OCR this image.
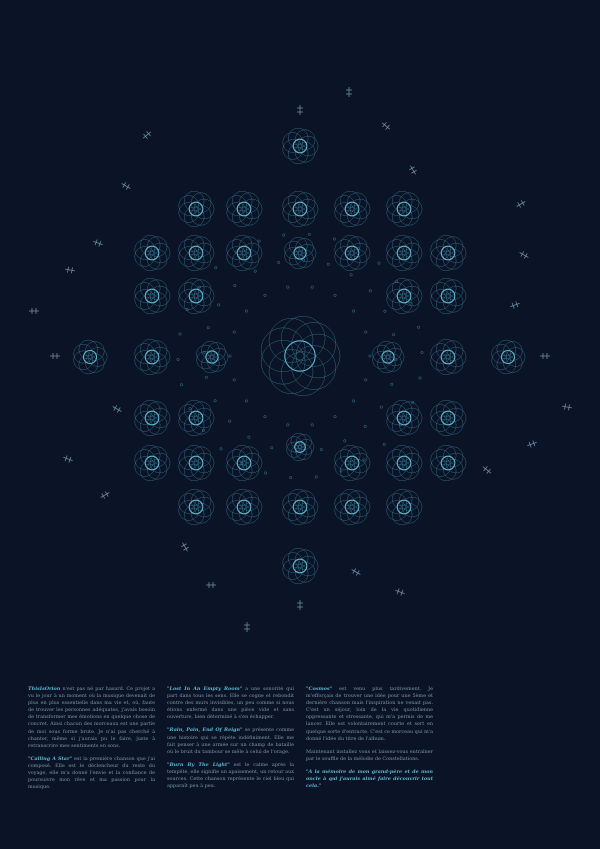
ThisIsOrion n'est pas né par hasard. Ce projet a vu le jour à un moment où la musique devenait de plus en plus essentielle dans ma vie et, où, faute de trouver les personnes adéquates, j'avais besoin de transformer mes émotions en quelque chose de concret. Ainsi chacun des morceaux est une partie de moi sous forme brute. Je n'ai pas cherché à chanter, même si j'aurais pu le faire, juste à retranscrire mes sentiments en sons.

"Calling A Star" est la première chanson que j'ai composé. Elle est le déclencheur du reste du voyage, elle m'a donné l'envie et la confiance de poursuivre mon rêve et ma passion pour la musique.

"Lost In An Empty Room" a une sonorité qui part dans tous les sens. Elle se cogne et rebondit contre des murs invisibles, un peu comme si nous étions enfermé dans une pièce vide et sans ouverture, bien déterminé à s'en échapper.

"Rain, Pain, End Of Reign" se présente comme une histoire qui se répète indéfiniment. Elle me fait penser à une armée sur un champ de bataille où le bruit du tambour se mêle à celui de l'orage.

"Burn By The Light" est le calme après la tempête, elle signifie un apaisement, un retour aux sources. Cette chanson représente le ciel bleu qui apparaît peu à peu.

"Cosmos" est venu plus tardivement. Je m'efforçais de trouver une idée pour une 5ème et dernière chanson mais l'inspiration ne venait pas. C'est un séjour, loin de la vie quotidienne oppressante et stressante, qui m'a permis de me lancer. Elle est volontairement courte et sert en quelque sorte d'entracte. C'est ce morceau qui m'a donné l'idée du titre de l'album.

Maintenant installez vous et laissez-vous entraîner par le souffle de la mélodie de Constellations.

"A la mémoire de mon grand-père et de mon oncle à qui j'aurais aimé faire découvrir tout cela."
